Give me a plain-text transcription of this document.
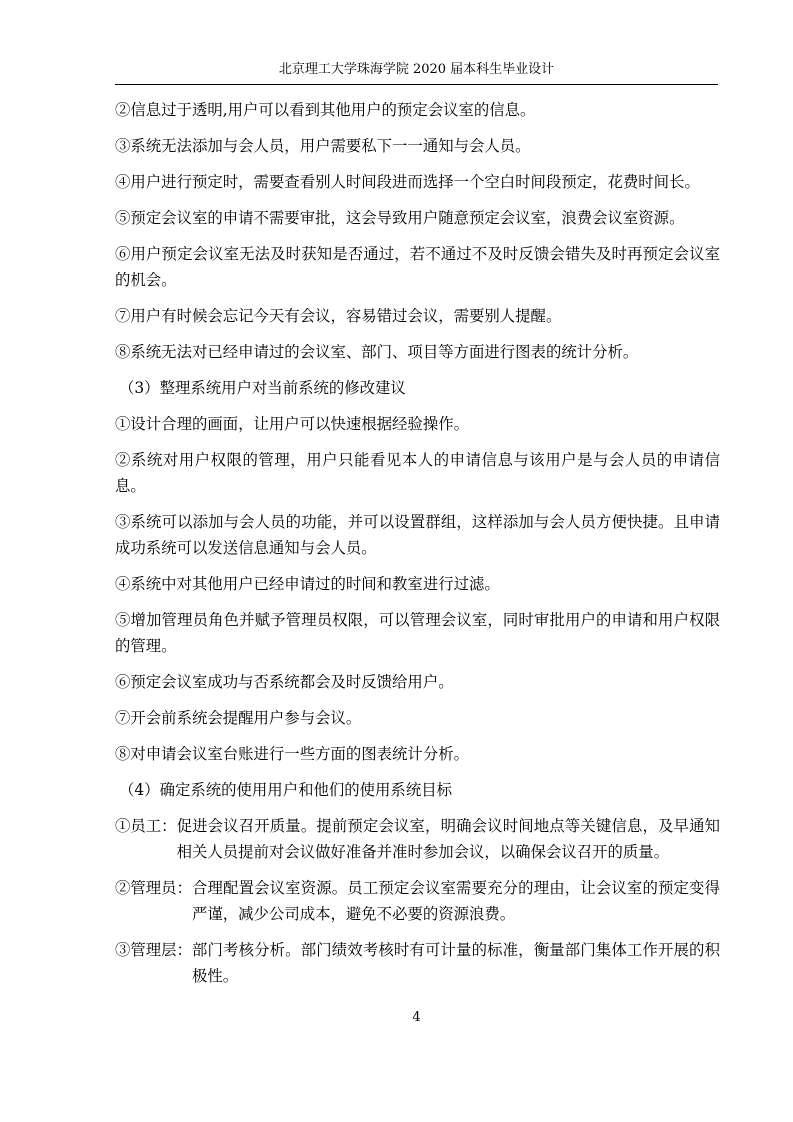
北京理工大学珠海学院 2020 届本科生毕业设计

②信息过于透明,用户可以看到其他用户的预定会议室的信息。

③系统无法添加与会人员，用户需要私下一一通知与会人员。

④用户进行预定时，需要查看别人时间段进而选择一个空白时间段预定，花费时间长。

⑤预定会议室的申请不需要审批，这会导致用户随意预定会议室，浪费会议室资源。

⑥用户预定会议室无法及时获知是否通过，若不通过不及时反馈会错失及时再预定会议室的机会。

⑦用户有时候会忘记今天有会议，容易错过会议，需要别人提醒。

⑧系统无法对已经申请过的会议室、部门、项目等方面进行图表的统计分析。

（3）整理系统用户对当前系统的修改建议

①设计合理的画面，让用户可以快速根据经验操作。

②系统对用户权限的管理，用户只能看见本人的申请信息与该用户是与会人员的申请信息。

③系统可以添加与会人员的功能，并可以设置群组，这样添加与会人员方便快捷。且申请成功系统可以发送信息通知与会人员。

④系统中对其他用户已经申请过的时间和教室进行过滤。

⑤增加管理员角色并赋予管理员权限，可以管理会议室，同时审批用户的申请和用户权限的管理。

⑥预定会议室成功与否系统都会及时反馈给用户。

⑦开会前系统会提醒用户参与会议。

⑧对申请会议室台账进行一些方面的图表统计分析。

（4）确定系统的使用用户和他们的使用系统目标

①员工： 促进会议召开质量。提前预定会议室，明确会议时间地点等关键信息，及早通知相关人员提前对会议做好准备并准时参加会议，以确保会议召开的质量。
②管理员： 合理配置会议室资源。员工预定会议室需要充分的理由，让会议室的预定变得严谨，减少公司成本，避免不必要的资源浪费。
③管理层： 部门考核分析。部门绩效考核时有可计量的标准，衡量部门集体工作开展的积极性。
4
